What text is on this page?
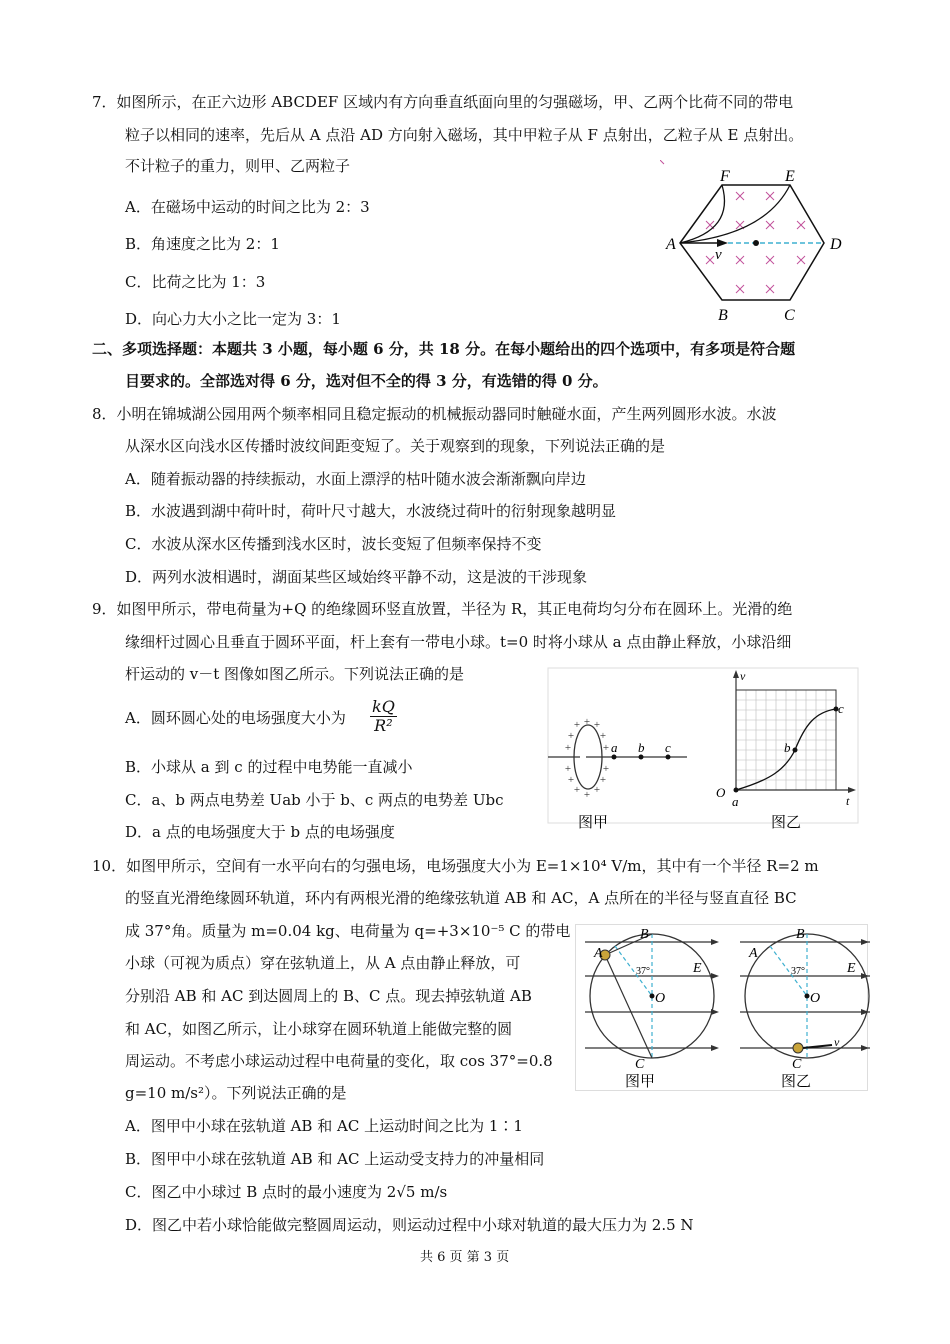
7．如图所示，在正六边形 ABCDEF 区域内有方向垂直纸面向里的匀强磁场，甲、乙两个比荷不同的带电
粒子以相同的速率，先后从 A 点沿 AD 方向射入磁场，其中甲粒子从 F 点射出，乙粒子从 E 点射出。
不计粒子的重力，则甲、乙两粒子
A．在磁场中运动的时间之比为 2：3
B．角速度之比为 2：1
C．比荷之比为 1：3
D．向心力大小之比一定为 3：1
A
B	C
D
E
F
v
二、多项选择题：本题共 3 小题，每小题 6 分，共 18 分。在每小题给出的四个选项中，有多项是符合题
目要求的。全部选对得 6 分，选对但不全的得 3 分，有选错的得 0 分。
8．小明在锦城湖公园用两个频率相同且稳定振动的机械振动器同时触碰水面，产生两列圆形水波。水波
从深水区向浅水区传播时波纹间距变短了。关于观察到的现象，下列说法正确的是
A．随着振动器的持续振动，水面上漂浮的枯叶随水波会渐渐飘向岸边
B．水波遇到湖中荷叶时，荷叶尺寸越大，水波绕过荷叶的衍射现象越明显
C．水波从深水区传播到浅水区时，波长变短了但频率保持不变
D．两列水波相遇时，湖面某些区域始终平静不动，这是波的干涉现象
9．如图甲所示，带电荷量为+Q 的绝缘圆环竖直放置，半径为 R，其正电荷均匀分布在圆环上。光滑的绝
缘细杆过圆心且垂直于圆环平面，杆上套有一带电小球。t=0 时将小球从 a 点由静止释放，小球沿细
杆运动的 v－t 图像如图乙所示。下列说法正确的是
A．圆环圆心处的电场强度大小为 $\frac{kQ}{\text{R²}}$
B．小球从 a 到 c 的过程中电势能一直减小
C．a、b 两点电势差 Uab 小于 b、c 两点的电势差 Ubc
D．a 点的电场强度大于 b 点的电场强度
+
+ +
+ +
+	+
+	+
+ +
+ +
+
a b c
图甲
v
t
O
a
b
c
图乙
10．如图甲所示，空间有一水平向右的匀强电场，电场强度大小为 E=1×10⁴ V/m，其中有一个半径 R=2 m
的竖直光滑绝缘圆环轨道，环内有两根光滑的绝缘弦轨道 AB 和 AC，A 点所在的半径与竖直直径 BC
成 37°角。质量为 m=0.04 kg、电荷量为 q=+3×10⁻⁵ C 的带电
小球（可视为质点）穿在弦轨道上，从 A 点由静止释放，可
分别沿 AB 和 AC 到达圆周上的 B、C 点。现去掉弦轨道 AB
和 AC，如图乙所示，让小球穿在圆环轨道上能做完整的圆
周运动。不考虑小球运动过程中电荷量的变化，取 cos 37°=0.8
g=10 m/s²）。下列说法正确的是
A．图甲中小球在弦轨道 AB 和 AC 上运动时间之比为 1∶1
B．图甲中小球在弦轨道 AB 和 AC 上运动受支持力的冲量相同
C．图乙中小球过 B 点时的最小速度为 2√5 m/s
D．图乙中若小球恰能做完整圆周运动，则运动过程中小球对轨道的最大压力为 2.5 N
v
A
B
C
E
O
A
B
C
E
O
37°	37°
图甲	图乙
共 6 页 第 3 页
